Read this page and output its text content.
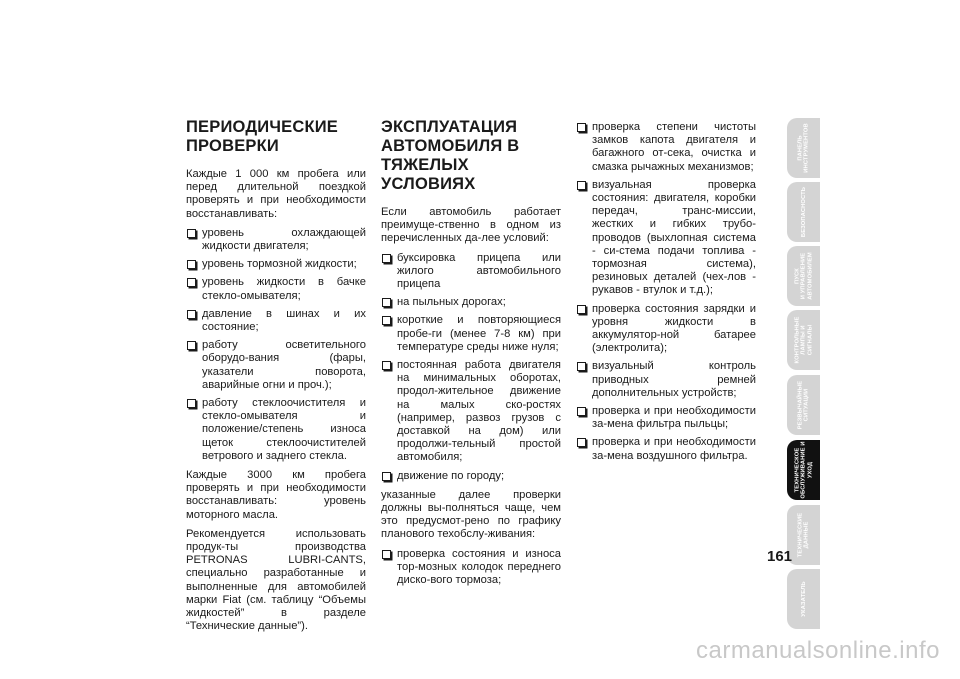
ПЕРИОДИЧЕСКИЕ ПРОВЕРКИ

Каждые 1 000 км пробега или перед длительной поездкой проверять и при необходимости восстанавливать:

уровень охлаждающей жидкости двигателя;
уровень тормозной жидкости;
уровень жидкости в бачке стекло-омывателя;
давление в шинах и их состояние;
работу осветительного оборудо-вания (фары, указатели поворота, аварийные огни и проч.);
работу стеклоочистителя и стекло-омывателя и положение/степень износа щеток стеклоочистителей ветрового и заднего стекла.

Каждые 3000 км пробега проверять и при необходимости восстанавливать: уровень моторного масла.

Рекомендуется использовать продук-ты производства PETRONAS LUBRI-CANTS, специально разработанные и выполненные для автомобилей марки Fiat (см. таблицу “Объемы жидкостей” в разделе “Технические данные”).

ЭКСПЛУАТАЦИЯ АВТОМОБИЛЯ В ТЯЖЕЛЫХ УСЛОВИЯХ

Если автомобиль работает преимуще-ственно в одном из перечисленных да-лее условий:

буксировка прицепа или жилого автомобильного прицепа
на пыльных дорогах;
короткие и повторяющиеся пробе-ги (менее 7-8 км) при температуре среды ниже нуля;
постоянная работа двигателя на минимальных оборотах, продол-жительное движение на малых ско-ростях (например, развоз грузов с доставкой на дом) или продолжи-тельный простой автомобиля;
движение по городу;

указанные далее проверки должны вы-полняться чаще, чем это предусмот-рено по графику планового техобслу-живания:

проверка состояния и износа тор-мозных колодок переднего диско-вого тормоза;
проверка степени чистоты замков капота двигателя и багажного от-сека, очистка и смазка рычажных механизмов;
визуальная проверка состояния: двигателя, коробки передач, транс-миссии, жестких и гибких трубо-проводов (выхлопная система - си-стема подачи топлива - тормозная система), резиновых деталей (чех-лов - рукавов - втулок и т.д.);
проверка состояния зарядки и уровня жидкости в аккумулятор-ной батарее (электролита);
визуальный контроль приводных ремней дополнительных устройств;
проверка и при необходимости за-мена фильтра пыльцы;
проверка и при необходимости за-мена воздушного фильтра.
ПАНЕЛЬ
ИНСТРУМЕНТОВ
БЕЗОПАСНОСТЬ
ПУСК
И УПРАВЛЕНИЕ
АВТОМОБИЛЕМ
КОНТРОЛЬНЫЕ
ЛАМПЫ И
СИГНАЛЫ
РЕЗВЫЧАЙНЫЕ
СИТУАЦИИ
ТЕХНИЧЕСКОЕ
ОБСЛУЖИВАНИЕ И
УХОД
ТЕХНИЧЕСКИЕ
ДАННЫЕ
УКАЗАТЕЛЬ
161
carmanualsonline.info
